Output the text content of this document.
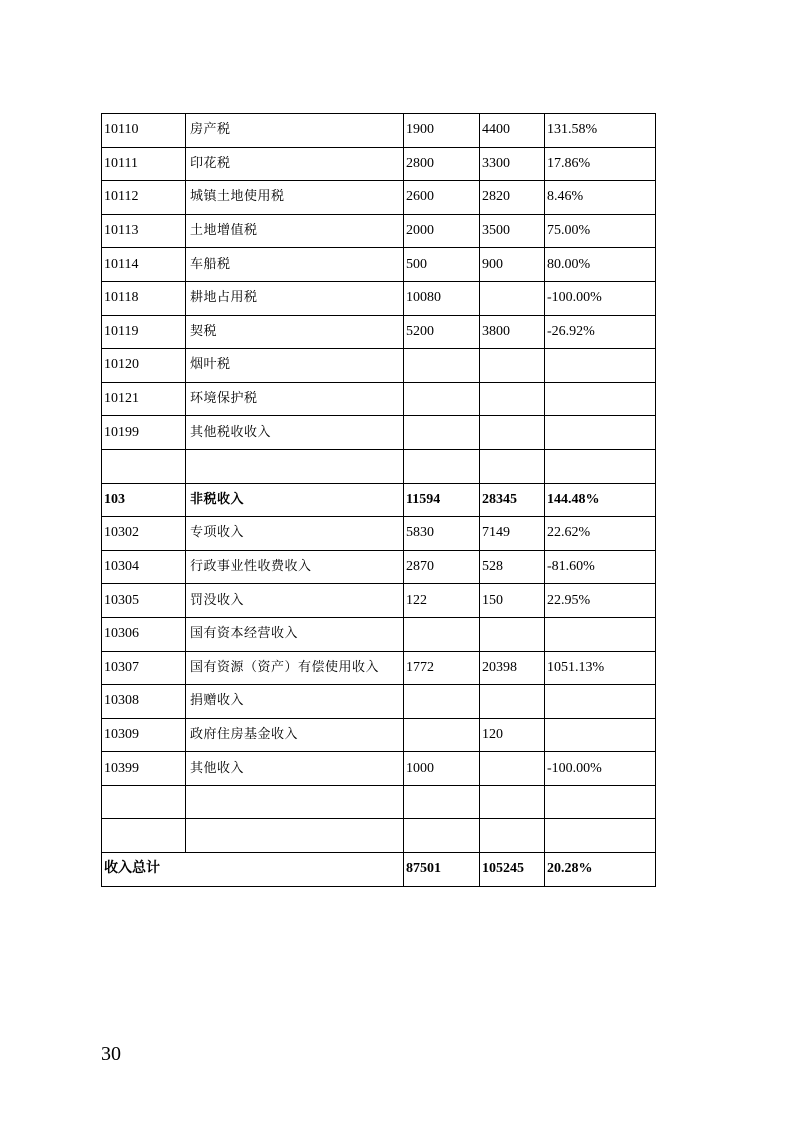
10110	房产税	1900	4400	131.58%
10111	印花税	2800	3300	17.86%
10112	城镇土地使用税	2600	2820	8.46%
10113	土地增值税	2000	3500	75.00%
10114	车船税	500	900	80.00%
10118	耕地占用税	10080		-100.00%
10119	契税	5200	3800	-26.92%
10120	烟叶税			
10121	环境保护税			
10199	其他税收收入			

103	非税收入	11594	28345	144.48%
10302	专项收入	5830	7149	22.62%
10304	行政事业性收费收入	2870	528	-81.60%
10305	罚没收入	122	150	22.95%
10306	国有资本经营收入			
10307	国有资源（资产）有偿使用收入	1772	20398	1051.13%
10308	捐赠收入			
10309	政府住房基金收入		120	
10399	其他收入	1000		-100.00%

收入总计		87501	105245	20.28%
30
